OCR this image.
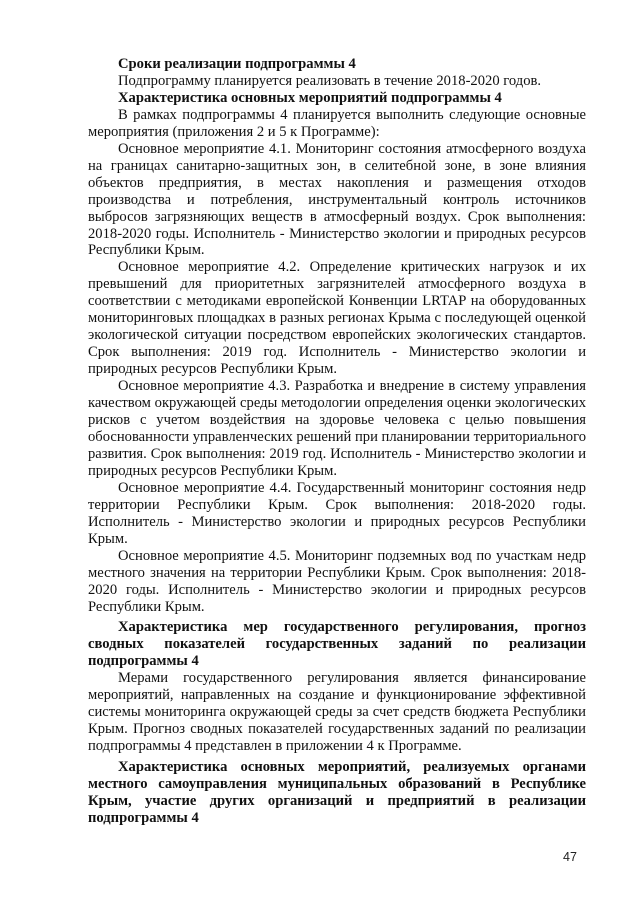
Сроки реализации подпрограммы 4

Подпрограмму планируется реализовать в течение 2018-2020 годов.

Характеристика основных мероприятий подпрограммы 4

В рамках подпрограммы 4 планируется выполнить следующие основные мероприятия (приложения 2 и 5 к Программе):

Основное мероприятие 4.1. Мониторинг состояния атмосферного воздуха на границах санитарно-защитных зон, в селитебной зоне, в зоне влияния объектов предприятия, в местах накопления и размещения отходов производства и потребления, инструментальный контроль источников выбросов загрязняющих веществ в атмосферный воздух. Срок выполнения: 2018-2020 годы. Исполнитель - Министерство экологии и природных ресурсов Республики Крым.

Основное мероприятие 4.2. Определение критических нагрузок и их превышений для приоритетных загрязнителей атмосферного воздуха в соответствии с методиками европейской Конвенции LRTAP на оборудованных мониторинговых площадках в разных регионах Крыма с последующей оценкой экологической ситуации посредством европейских экологических стандартов. Срок выполнения: 2019 год. Исполнитель - Министерство экологии и природных ресурсов Республики Крым.

Основное мероприятие 4.3. Разработка и внедрение в систему управления качеством окружающей среды методологии определения оценки экологических рисков с учетом воздействия на здоровье человека с целью повышения обоснованности управленческих решений при планировании территориального развития. Срок выполнения: 2019 год. Исполнитель - Министерство экологии и природных ресурсов Республики Крым.

Основное мероприятие 4.4. Государственный мониторинг состояния недр территории Республики Крым. Срок выполнения: 2018-2020 годы. Исполнитель - Министерство экологии и природных ресурсов Республики Крым.

Основное мероприятие 4.5. Мониторинг подземных вод по участкам недр местного значения на территории Республики Крым. Срок выполнения: 2018-2020 годы. Исполнитель - Министерство экологии и природных ресурсов Республики Крым.

Характеристика мер государственного регулирования, прогноз сводных показателей государственных заданий по реализации подпрограммы 4

Мерами государственного регулирования является финансирование мероприятий, направленных на создание и функционирование эффективной системы мониторинга окружающей среды за счет средств бюджета Республики Крым. Прогноз сводных показателей государственных заданий по реализации подпрограммы 4 представлен в приложении 4 к Программе.

Характеристика основных мероприятий, реализуемых органами местного самоуправления муниципальных образований в Республике Крым, участие других организаций и предприятий в реализации подпрограммы 4

47
